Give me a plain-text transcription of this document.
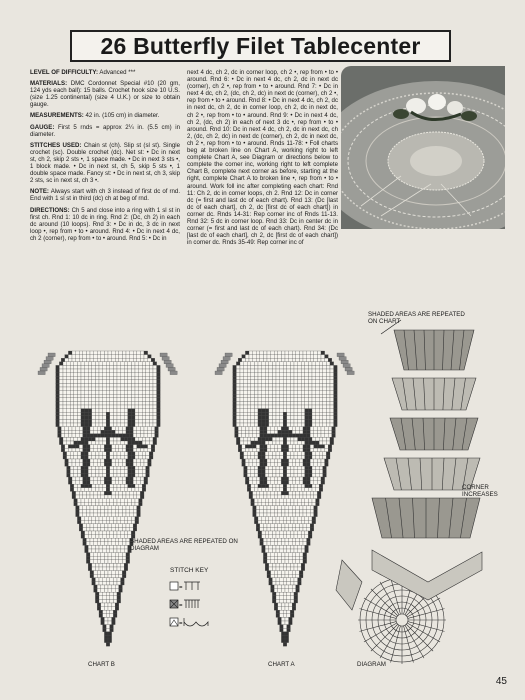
26 Butterfly Filet Tablecenter

LEVEL OF DIFFICULTY: Advanced ***

MATERIALS: DMC Cordonnet Special #10 (20 gm, 124 yds each ball): 15 balls. Crochet hook size 10 U.S. (size 1.25 continental) (size 4 U.K.) or size to obtain gauge.

MEASUREMENTS: 42 in. (105 cm) in diameter.

GAUGE: First 5 rnds = approx 2¼ in. (5.5 cm) in diameter.

STITCHES USED: Chain st (ch). Slip st (sl st). Single crochet (sc). Double crochet (dc). Net st: • Dc in next st, ch 2, skip 2 sts •, 1 space made. • Dc in next 3 sts •, 1 block made. • Dc in next st, ch 5, skip 5 sts •, 1 double space made. Fancy st: • Dc in next st, ch 3, skip 2 sts, sc in next st, ch 3 •.

NOTE: Always start with ch 3 instead of first dc of rnd. End with 1 sl st in third (dc) ch at beg of rnd.

DIRECTIONS: Ch 5 and close into a ring with 1 sl st in first ch. Rnd 1: 10 dc in ring. Rnd 2: (Dc, ch 2) in each dc around (10 loops). Rnd 3: • Dc in dc, 3 dc in next loop •, rep from • to • around. Rnd 4: • Dc in next 4 dc, ch 2 (corner), rep from • to • around. Rnd 5: • Dc in

next 4 dc, ch 2, dc in corner loop, ch 2 •, rep from • to • around. Rnd 6: • Dc in next 4 dc, ch 2, dc in next dc (corner), ch 2 •, rep from • to • around. Rnd 7: • Dc in next 4 dc, ch 2, (dc, ch 2, dc) in next dc (corner), ch 2 •, rep from • to • around. Rnd 8: • Dc in next 4 dc, ch 2, dc in next dc, ch 2, dc in corner loop, ch 2, dc in next dc, ch 2 •, rep from • to • around. Rnd 9: • Dc in next 4 dc, ch 2, (dc, ch 2) in each of next 3 dc •, rep from • to • around. Rnd 10: Dc in next 4 dc, ch 2, dc in next dc, ch 2, (dc, ch 2, dc) in next dc (corner), ch 2, dc in next dc, ch 2 •, rep from • to • around. Rnds 11-78: • Foll charts beg at broken line on Chart A, working right to left complete Chart A, see Diagram or directions below to complete the corner inc, working right to left complete Chart B, complete next corner as before, starting at the right, complete Chart A to broken line •, rep from • to • around. Work foll inc after completing each chart: Rnd 11: Ch 2, dc in corner loops, ch 2. Rnd 12: Dc in corner dc (= first and last dc of each chart). Rnd 13: (Dc [last dc of each chart], ch 2, dc [first dc of each chart]) in corner dc. Rnds 14-31: Rep corner inc of Rnds 11-13. Rnd 32: 5 dc in corner loop. Rnd 33: Dc in center dc in corner (= first and last dc of each chart). Rnd 34: (Dc [last dc of each chart], ch 2, dc [first dc of each chart]) in corner dc. Rnds 35-49: Rep corner inc of

SHADED AREAS ARE REPEATED ON CHART
SHADED AREAS ARE REPEATED ON DIAGRAM
STITCH KEY
=
=
=
CORNER INCREASES
CHART B	CHART A	DIAGRAM
45
